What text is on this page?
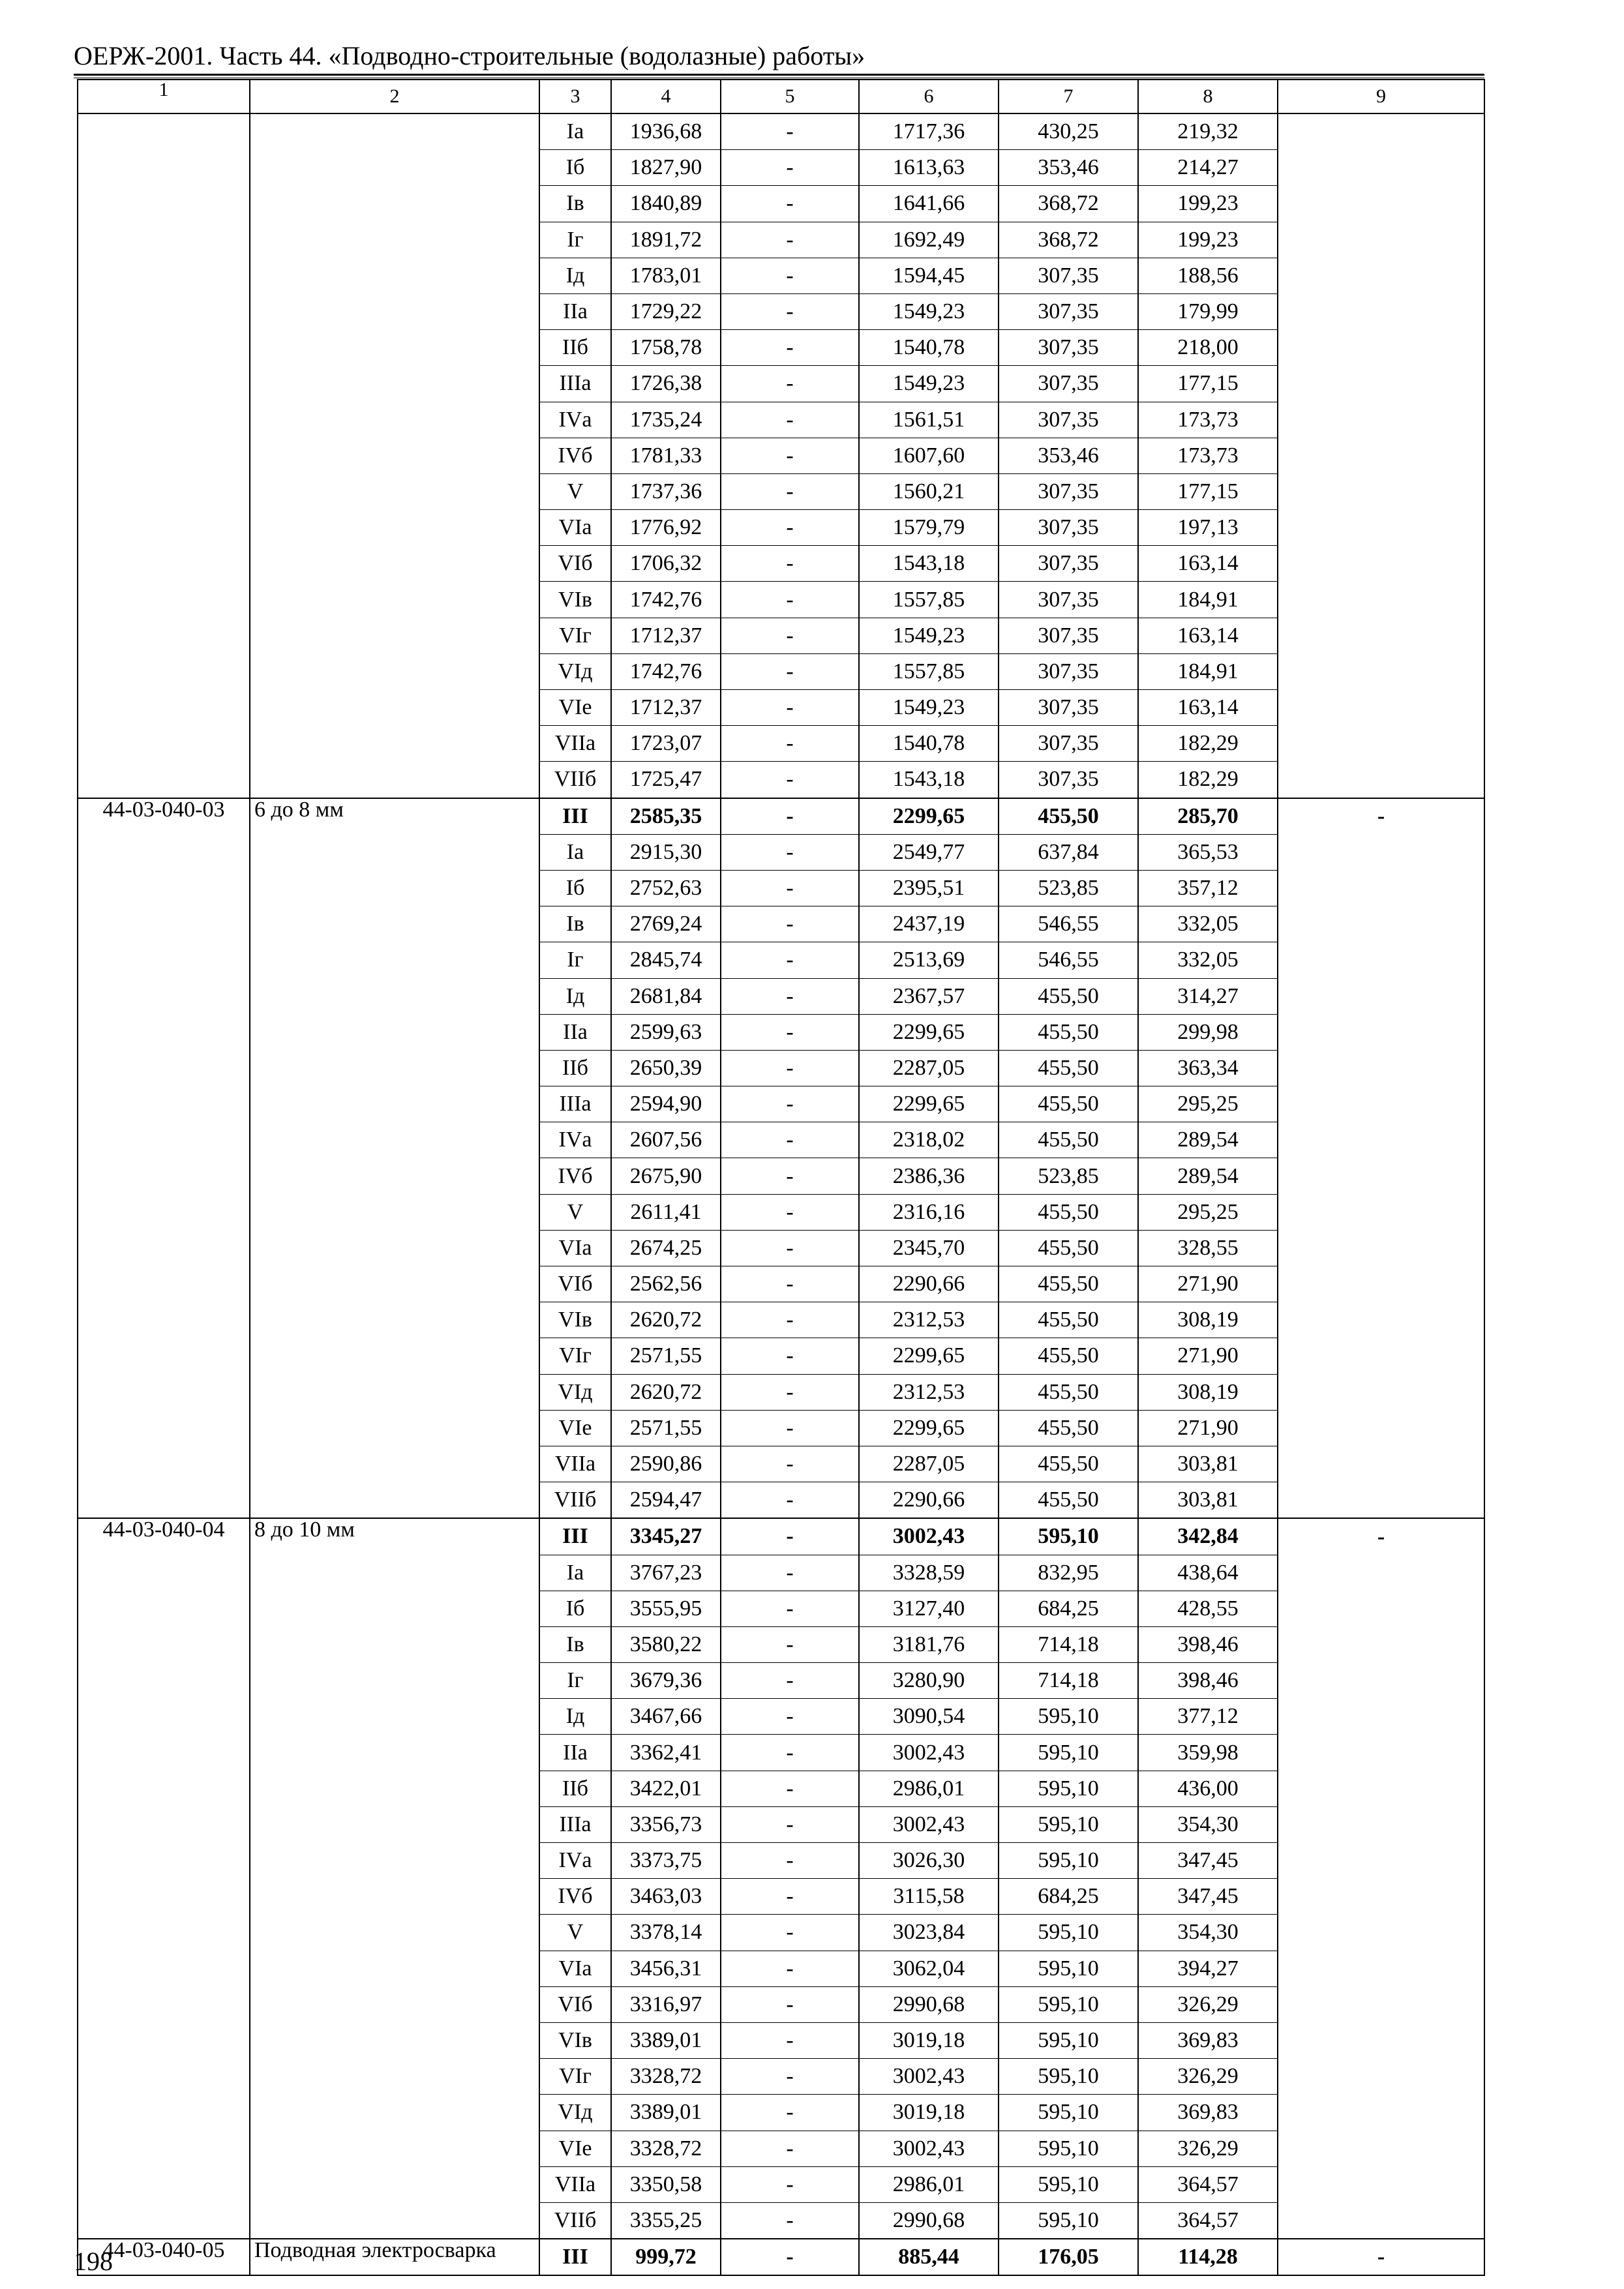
ОЕРЖ-2001. Часть 44. «Подводно-строительные (водолазные) работы»
1	2	3	4	5	6	7	8	9
		Iа	1936,68	-	1717,36	430,25	219,32	
		Iб	1827,90	-	1613,63	353,46	214,27	
		Iв	1840,89	-	1641,66	368,72	199,23	
		Iг	1891,72	-	1692,49	368,72	199,23	
		Iд	1783,01	-	1594,45	307,35	188,56	
		IIа	1729,22	-	1549,23	307,35	179,99	
		IIб	1758,78	-	1540,78	307,35	218,00	
		IIIа	1726,38	-	1549,23	307,35	177,15	
		IVа	1735,24	-	1561,51	307,35	173,73	
		IVб	1781,33	-	1607,60	353,46	173,73	
		V	1737,36	-	1560,21	307,35	177,15	
		VIа	1776,92	-	1579,79	307,35	197,13	
		VIб	1706,32	-	1543,18	307,35	163,14	
		VIв	1742,76	-	1557,85	307,35	184,91	
		VIг	1712,37	-	1549,23	307,35	163,14	
		VIд	1742,76	-	1557,85	307,35	184,91	
		VIе	1712,37	-	1549,23	307,35	163,14	
		VIIа	1723,07	-	1540,78	307,35	182,29	
		VIIб	1725,47	-	1543,18	307,35	182,29	
44-03-040-03	6 до 8 мм	III	2585,35	-	2299,65	455,50	285,70	-
		Iа	2915,30	-	2549,77	637,84	365,53	
		Iб	2752,63	-	2395,51	523,85	357,12	
		Iв	2769,24	-	2437,19	546,55	332,05	
		Iг	2845,74	-	2513,69	546,55	332,05	
		Iд	2681,84	-	2367,57	455,50	314,27	
		IIа	2599,63	-	2299,65	455,50	299,98	
		IIб	2650,39	-	2287,05	455,50	363,34	
		IIIа	2594,90	-	2299,65	455,50	295,25	
		IVа	2607,56	-	2318,02	455,50	289,54	
		IVб	2675,90	-	2386,36	523,85	289,54	
		V	2611,41	-	2316,16	455,50	295,25	
		VIа	2674,25	-	2345,70	455,50	328,55	
		VIб	2562,56	-	2290,66	455,50	271,90	
		VIв	2620,72	-	2312,53	455,50	308,19	
		VIг	2571,55	-	2299,65	455,50	271,90	
		VIд	2620,72	-	2312,53	455,50	308,19	
		VIе	2571,55	-	2299,65	455,50	271,90	
		VIIа	2590,86	-	2287,05	455,50	303,81	
		VIIб	2594,47	-	2290,66	455,50	303,81	
44-03-040-04	8 до 10 мм	III	3345,27	-	3002,43	595,10	342,84	-
		Iа	3767,23	-	3328,59	832,95	438,64	
		Iб	3555,95	-	3127,40	684,25	428,55	
		Iв	3580,22	-	3181,76	714,18	398,46	
		Iг	3679,36	-	3280,90	714,18	398,46	
		Iд	3467,66	-	3090,54	595,10	377,12	
		IIа	3362,41	-	3002,43	595,10	359,98	
		IIб	3422,01	-	2986,01	595,10	436,00	
		IIIа	3356,73	-	3002,43	595,10	354,30	
		IVа	3373,75	-	3026,30	595,10	347,45	
		IVб	3463,03	-	3115,58	684,25	347,45	
		V	3378,14	-	3023,84	595,10	354,30	
		VIа	3456,31	-	3062,04	595,10	394,27	
		VIб	3316,97	-	2990,68	595,10	326,29	
		VIв	3389,01	-	3019,18	595,10	369,83	
		VIг	3328,72	-	3002,43	595,10	326,29	
		VIд	3389,01	-	3019,18	595,10	369,83	
		VIе	3328,72	-	3002,43	595,10	326,29	
		VIIа	3350,58	-	2986,01	595,10	364,57	
		VIIб	3355,25	-	2990,68	595,10	364,57	
44-03-040-05	Подводная электросварка	III	999,72	-	885,44	176,05	114,28	-
198
